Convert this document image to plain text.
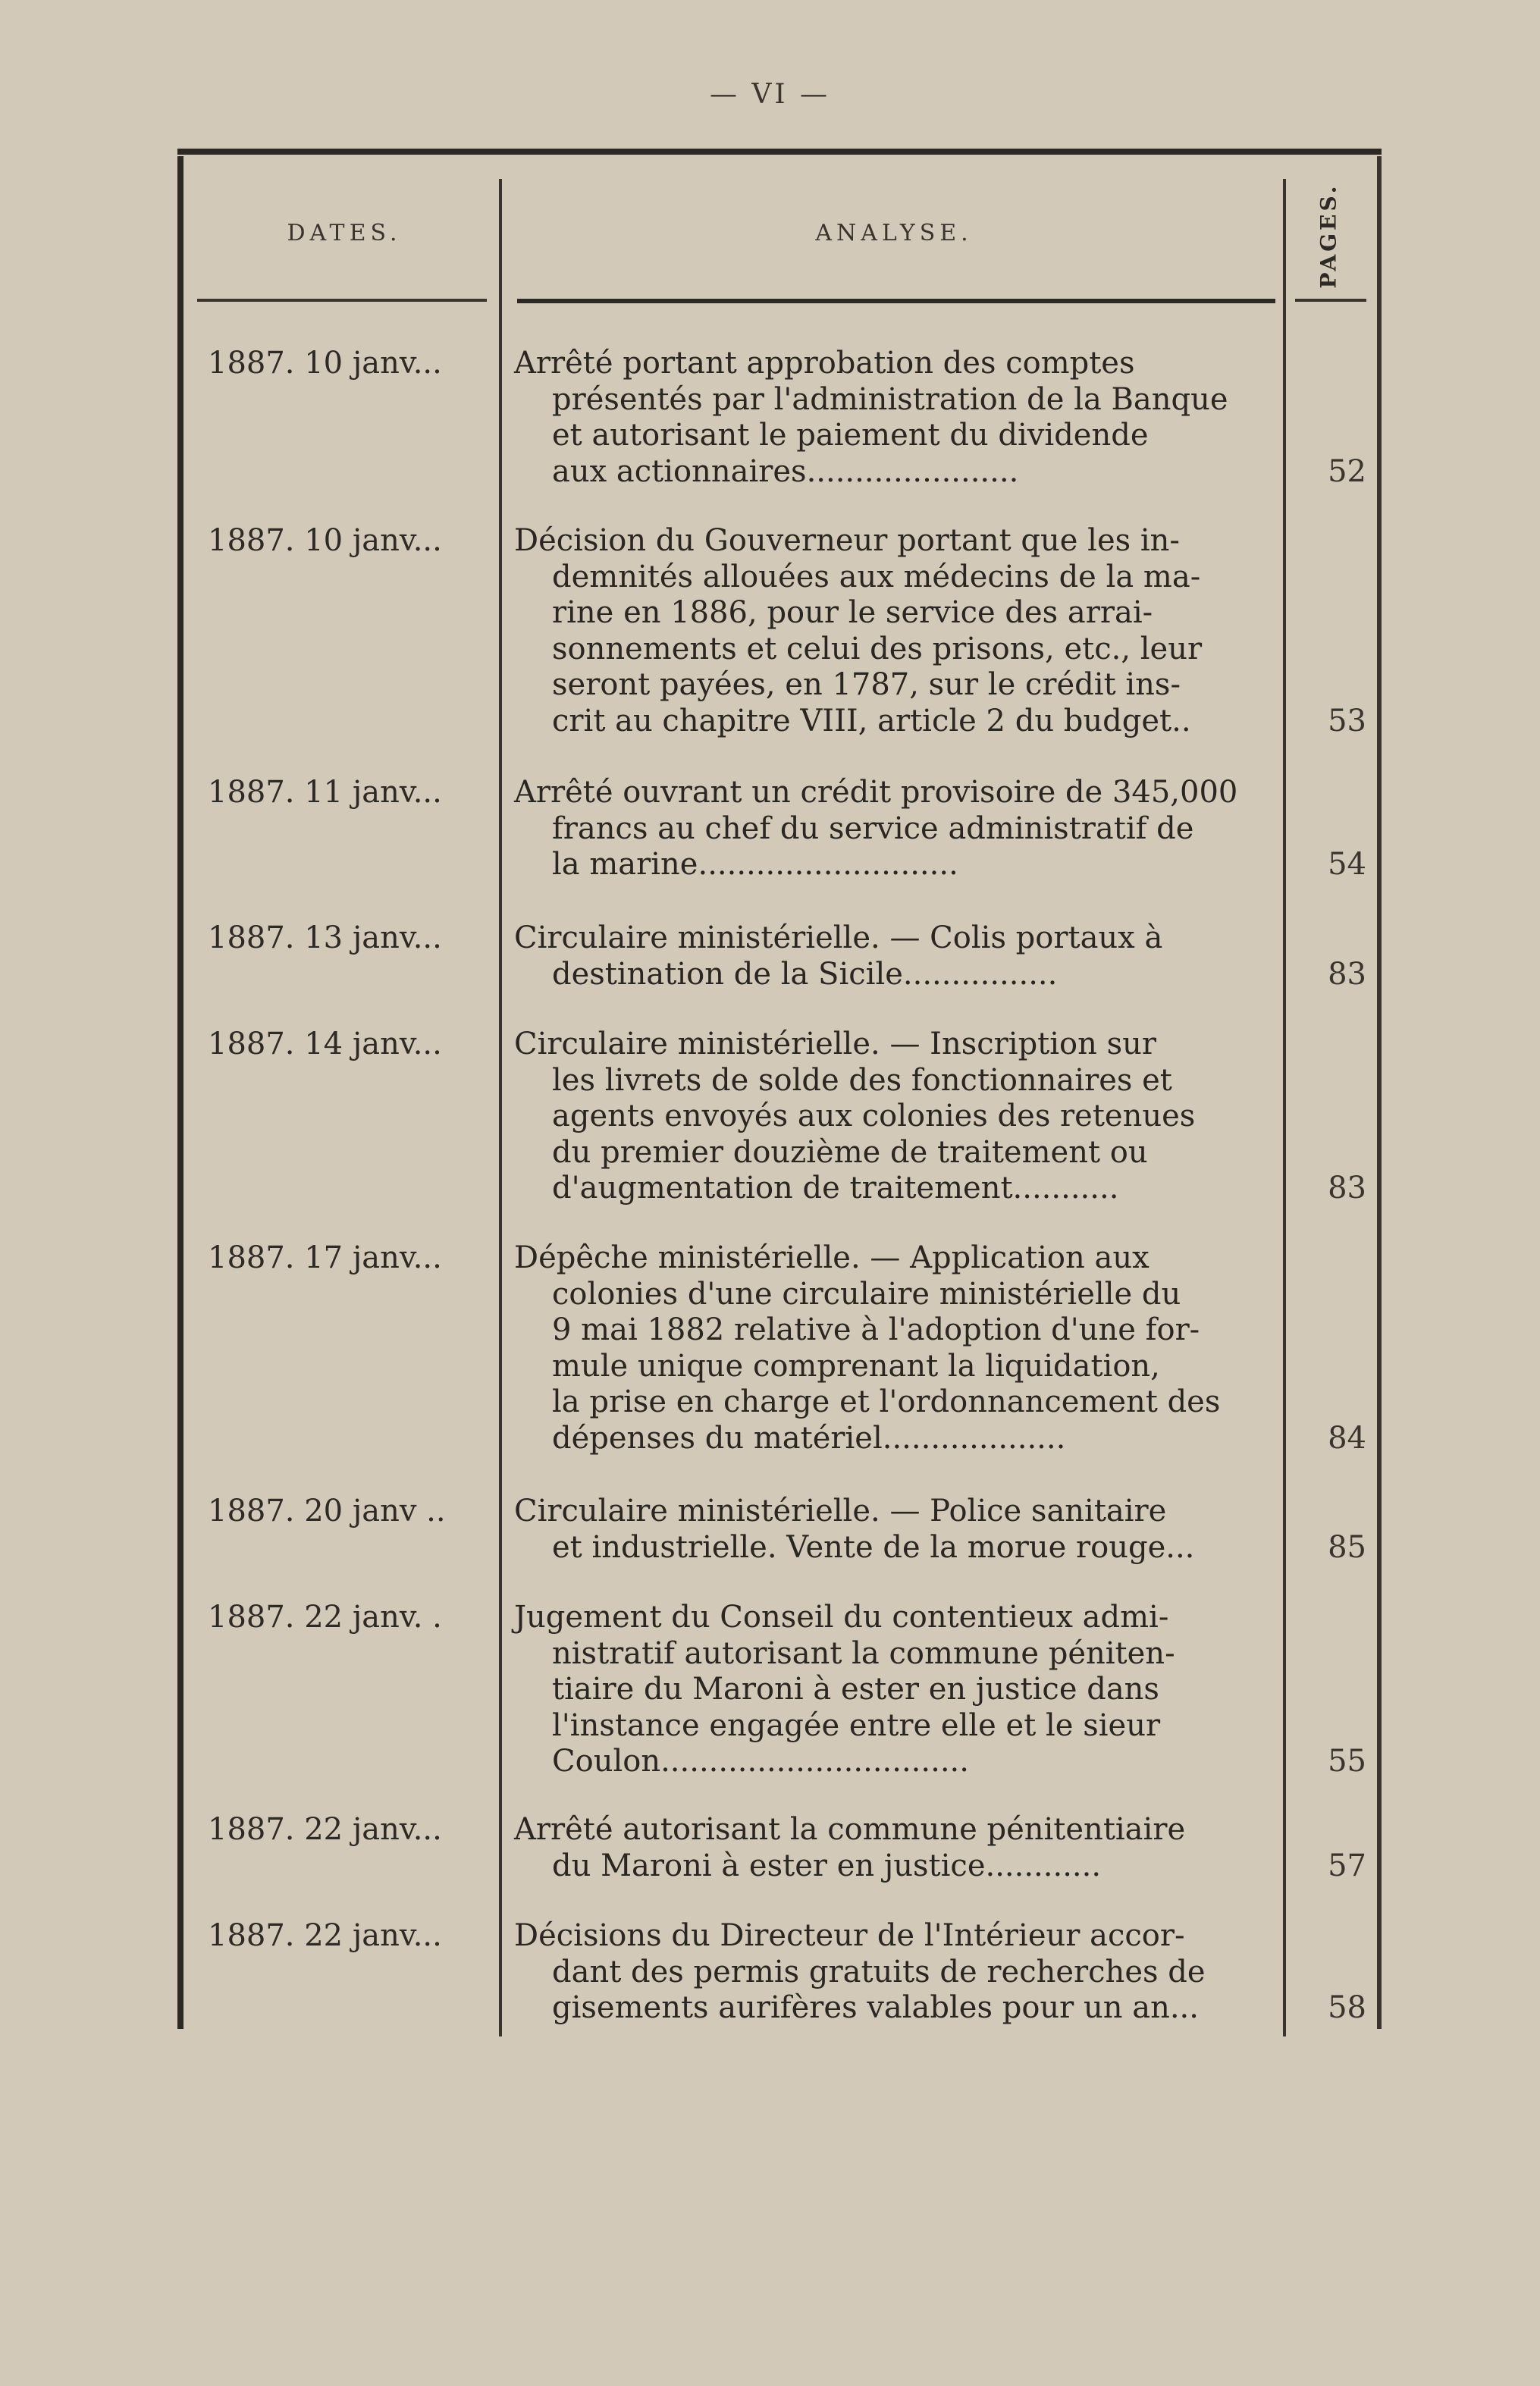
— VI —
DATES.	ANALYSE.	PAGES.
1887. 10 janv...	Arrêté portant approbation des comptes
présentés par l'administration de la Banque
et autorisant le paiement du dividende
aux actionnaires......................	52
1887. 10 janv...	Décision du Gouverneur portant que les in-
demnités allouées aux médecins de la ma-
rine en 1886, pour le service des arrai-
sonnements et celui des prisons, etc., leur
seront payées, en 1787, sur le crédit ins-
crit au chapitre VIII, article 2 du budget..	53
1887. 11 janv...	Arrêté ouvrant un crédit provisoire de 345,000
francs au chef du service administratif de
la marine...........................	54
1887. 13 janv...	Circulaire ministérielle. — Colis portaux à
destination de la Sicile................	83
1887. 14 janv...	Circulaire ministérielle. — Inscription sur
les livrets de solde des fonctionnaires et
agents envoyés aux colonies des retenues
du premier douzième de traitement ou
d'augmentation de traitement...........	83
1887. 17 janv...	Dépêche ministérielle. — Application aux
colonies d'une circulaire ministérielle du
9 mai 1882 relative à l'adoption d'une for-
mule unique comprenant la liquidation,
la prise en charge et l'ordonnancement des
dépenses du matériel...................	84
1887. 20 janv ..	Circulaire ministérielle. — Police sanitaire
et industrielle. Vente de la morue rouge...	85
1887. 22 janv. .	Jugement du Conseil du contentieux admi-
nistratif autorisant la commune péniten-
tiaire du Maroni à ester en justice dans
l'instance engagée entre elle et le sieur
Coulon................................	55
1887. 22 janv...	Arrêté autorisant la commune pénitentiaire
du Maroni à ester en justice............	57
1887. 22 janv...	Décisions du Directeur de l'Intérieur accor-
dant des permis gratuits de recherches de
gisements aurifères valables pour un an...	58
